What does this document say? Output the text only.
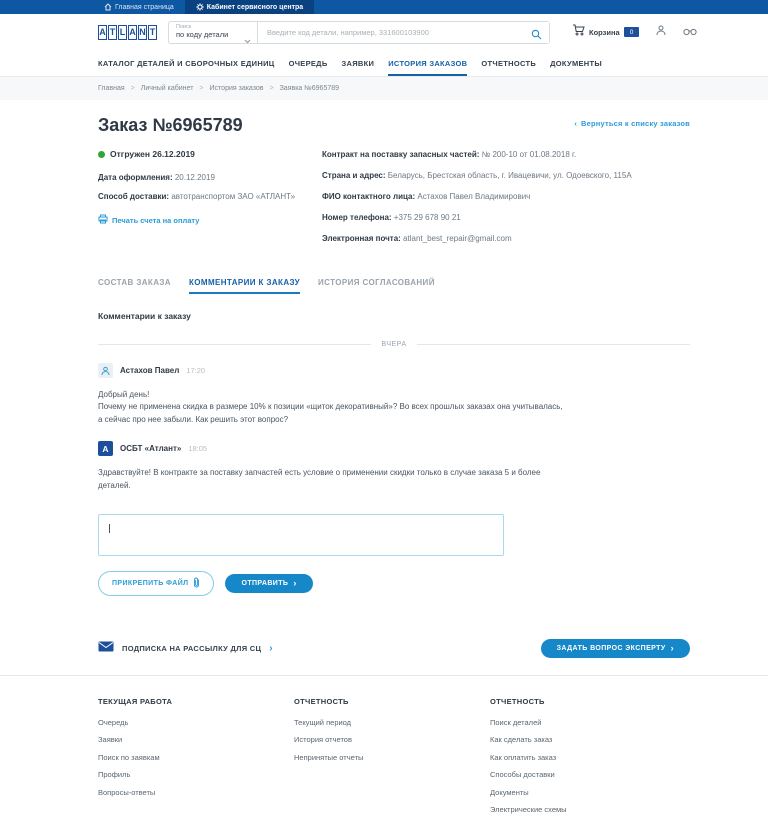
Главная страница	Кабинет сервисного центра
A T L A N T
Поиск
по коду детали
Введите код детали, например, 331600103900	Корзина	0
КАТАЛОГ ДЕТАЛЕЙ И СБОРОЧНЫХ ЕДИНИЦ ОЧЕРЕДЬ ЗАЯВКИ ИСТОРИЯ ЗАКАЗОВ ОТЧЕТНОСТЬ ДОКУМЕНТЫ
Главная > Личный кабинет > История заказов > Заявка №6965789
Заказ №6965789	‹ Вернуться к списку заказов
Отгружен 26.12.2019
Дата оформления: 20.12.2019
Способ доставки: автотранспортом ЗАО «АТЛАНТ»
Печать счета на оплату
Контракт на поставку запасных частей: № 200-10 от 01.08.2018 г.
Страна и адрес: Беларусь, Брестская область, г. Ивацевичи, ул. Одоевского, 115А
ФИО контактного лица: Астахов Павел Владимирович
Номер телефона: +375 29 678 90 21
Электронная почта: atlant_best_repair@gmail.com
СОСТАВ ЗАКАЗА КОММЕНТАРИИ К ЗАКАЗУ ИСТОРИЯ СОГЛАСОВАНИЙ
Комментарии к заказу
ВЧЕРА
Астахов Павел 17:20
Добрый день!
Почему не применена скидка в размере 10% к позиции «щиток декоративный»? Во всех прошлых заказах она учитывалась, а сейчас про нее забыли. Как решить этот вопрос?
A	ОСБТ «Атлант» 18:05
Здравствуйте! В контракте за поставку запчастей есть условие о применении скидки только в случае заказа 5 и более деталей.
ПРИКРЕПИТЬ ФАЙЛ	ОТПРАВИТЬ ›
ПОДПИСКА НА РАССЫЛКУ ДЛЯ СЦ ›	ЗАДАТЬ ВОПРОС ЭКСПЕРТУ ›
ТЕКУЩАЯ РАБОТА
Очередь
Заявки
Поиск по заявкам
Профиль
Вопросы-ответы
ОТЧЕТНОСТЬ
Текущий период
История отчетов
Непринятые отчеты
ОТЧЕТНОСТЬ
Поиск деталей
Как сделать заказ
Как оплатить заказ
Способы доставки
Документы
Электрические схемы
